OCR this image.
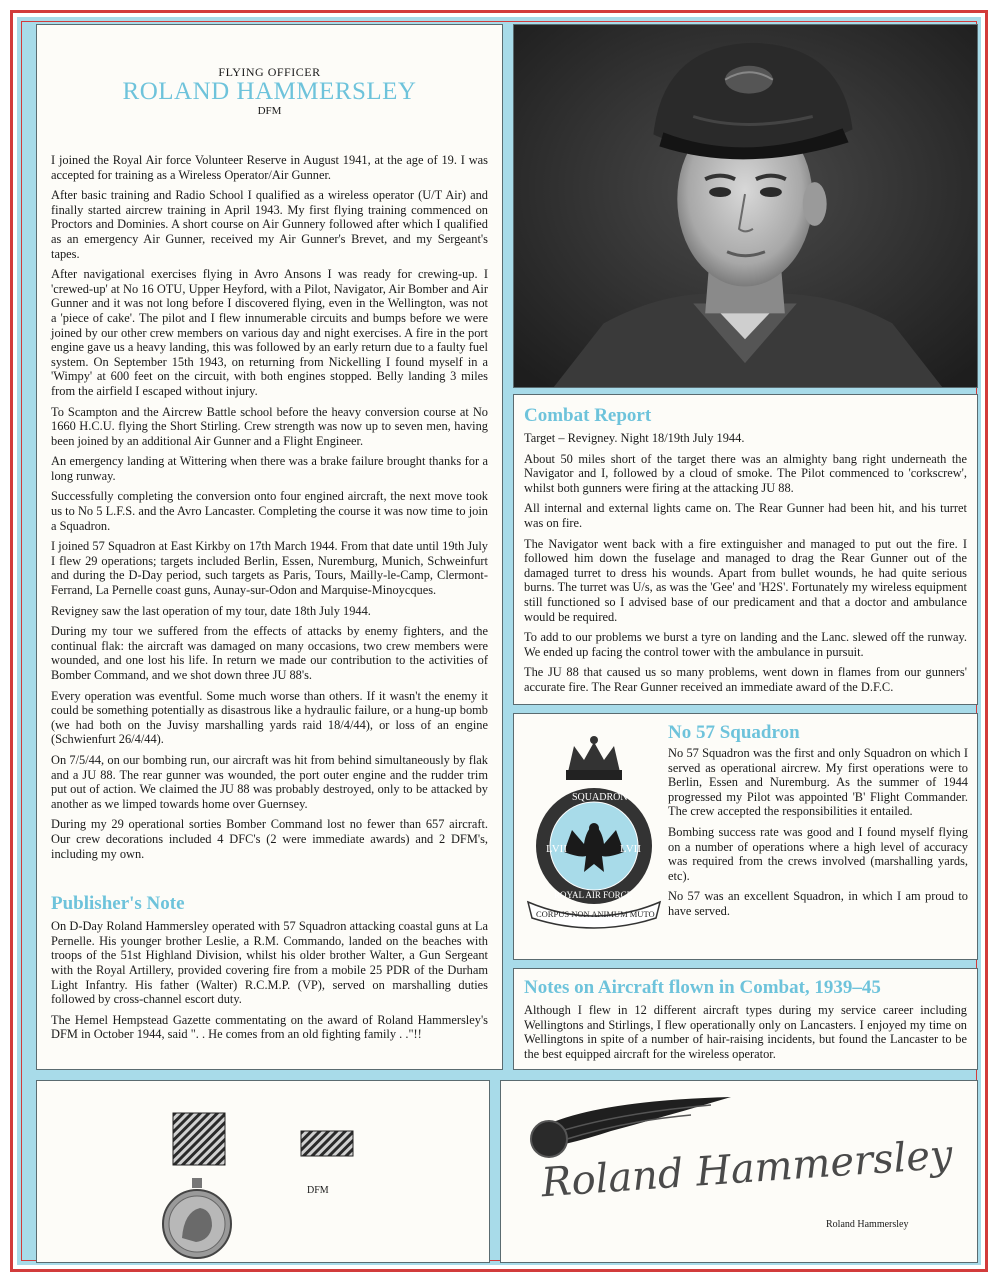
FLYING OFFICER
ROLAND HAMMERSLEY
DFM

I joined the Royal Air force Volunteer Reserve in August 1941, at the age of 19. I was accepted for training as a Wireless Operator/Air Gunner.

After basic training and Radio School I qualified as a wireless operator (U/T Air) and finally started aircrew training in April 1943. My first flying training commenced on Proctors and Dominies. A short course on Air Gunnery followed after which I qualified as an emergency Air Gunner, received my Air Gunner's Brevet, and my Sergeant's tapes.

After navigational exercises flying in Avro Ansons I was ready for crewing-up. I 'crewed-up' at No 16 OTU, Upper Heyford, with a Pilot, Navigator, Air Bomber and Air Gunner and it was not long before I discovered flying, even in the Wellington, was not a 'piece of cake'. The pilot and I flew innumerable circuits and bumps before we were joined by our other crew members on various day and night exercises. A fire in the port engine gave us a heavy landing, this was followed by an early return due to a faulty fuel system. On September 15th 1943, on returning from Nickelling I found myself in a 'Wimpy' at 600 feet on the circuit, with both engines stopped. Belly landing 3 miles from the airfield I escaped without injury.

To Scampton and the Aircrew Battle school before the heavy conversion course at No 1660 H.C.U. flying the Short Stirling. Crew strength was now up to seven men, having been joined by an additional Air Gunner and a Flight Engineer.

An emergency landing at Wittering when there was a brake failure brought thanks for a long runway.

Successfully completing the conversion onto four engined aircraft, the next move took us to No 5 L.F.S. and the Avro Lancaster. Completing the course it was now time to join a Squadron.

I joined 57 Squadron at East Kirkby on 17th March 1944. From that date until 19th July I flew 29 operations; targets included Berlin, Essen, Nuremburg, Munich, Schweinfurt and during the D-Day period, such targets as Paris, Tours, Mailly-le-Camp, Clermont-Ferrand, La Pernelle coast guns, Aunay-sur-Odon and Marquise-Minoycques.

Revigney saw the last operation of my tour, date 18th July 1944.

During my tour we suffered from the effects of attacks by enemy fighters, and the continual flak: the aircraft was damaged on many occasions, two crew members were wounded, and one lost his life. In return we made our contribution to the activities of Bomber Command, and we shot down three JU 88's.

Every operation was eventful. Some much worse than others. If it wasn't the enemy it could be something potentially as disastrous like a hydraulic failure, or a hung-up bomb (we had both on the Juvisy marshalling yards raid 18/4/44), or loss of an engine (Schwienfurt 26/4/44).

On 7/5/44, on our bombing run, our aircraft was hit from behind simultaneously by flak and a JU 88. The rear gunner was wounded, the port outer engine and the rudder trim put out of action. We claimed the JU 88 was probably destroyed, only to be attacked by another as we limped towards home over Guernsey.

During my 29 operational sorties Bomber Command lost no fewer than 657 aircraft. Our crew decorations included 4 DFC's (2 were immediate awards) and 2 DFM's, including my own.

Publisher's Note

On D-Day Roland Hammersley operated with 57 Squadron attacking coastal guns at La Pernelle. His younger brother Leslie, a R.M. Commando, landed on the beaches with troops of the 51st Highland Division, whilst his older brother Walter, a Gun Sergeant with the Royal Artillery, provided covering fire from a mobile 25 PDR of the Durham Light Infantry. His father (Walter) R.C.M.P. (VP), served on marshalling duties followed by cross-channel escort duty.

The Hemel Hempstead Gazette commentating on the award of Roland Hammersley's DFM in October 1944, said ". . He comes from an old fighting family . ."!!

Combat Report

Target – Revigney. Night 18/19th July 1944.

About 50 miles short of the target there was an almighty bang right underneath the Navigator and I, followed by a cloud of smoke. The Pilot commenced to 'corkscrew', whilst both gunners were firing at the attacking JU 88.

All internal and external lights came on. The Rear Gunner had been hit, and his turret was on fire.

The Navigator went back with a fire extinguisher and managed to put out the fire. I followed him down the fuselage and managed to drag the Rear Gunner out of the damaged turret to dress his wounds. Apart from bullet wounds, he had quite serious burns. The turret was U/s, as was the 'Gee' and 'H2S'. Fortunately my wireless equipment still functioned so I advised base of our predicament and that a doctor and ambulance would be required.

To add to our problems we burst a tyre on landing and the Lanc. slewed off the runway. We ended up facing the control tower with the ambulance in pursuit.

The JU 88 that caused us so many problems, went down in flames from our gunners' accurate fire. The Rear Gunner received an immediate award of the D.F.C.

LVII	LVII
SQUADRON
ROYAL AIR FORCE
CORPUS NON ANIMUM MUTO
No 57 Squadron

No 57 Squadron was the first and only Squadron on which I served as operational aircrew. My first operations were to Berlin, Essen and Nuremburg. As the summer of 1944 progressed my Pilot was appointed 'B' Flight Commander. The crew accepted the responsibilities it entailed.

Bombing success rate was good and I found myself flying on a number of operations where a high level of accuracy was required from the crews involved (marshalling yards, etc).

No 57 was an excellent Squadron, in which I am proud to have served.

Notes on Aircraft flown in Combat, 1939–45

Although I flew in 12 different aircraft types during my service career including Wellingtons and Stirlings, I flew operationally only on Lancasters. I enjoyed my time on Wellingtons in spite of a number of hair-raising incidents, but found the Lancaster to be the best equipped aircraft for the wireless operator.

DFM	Roland Hammersley
Roland Hammersley
